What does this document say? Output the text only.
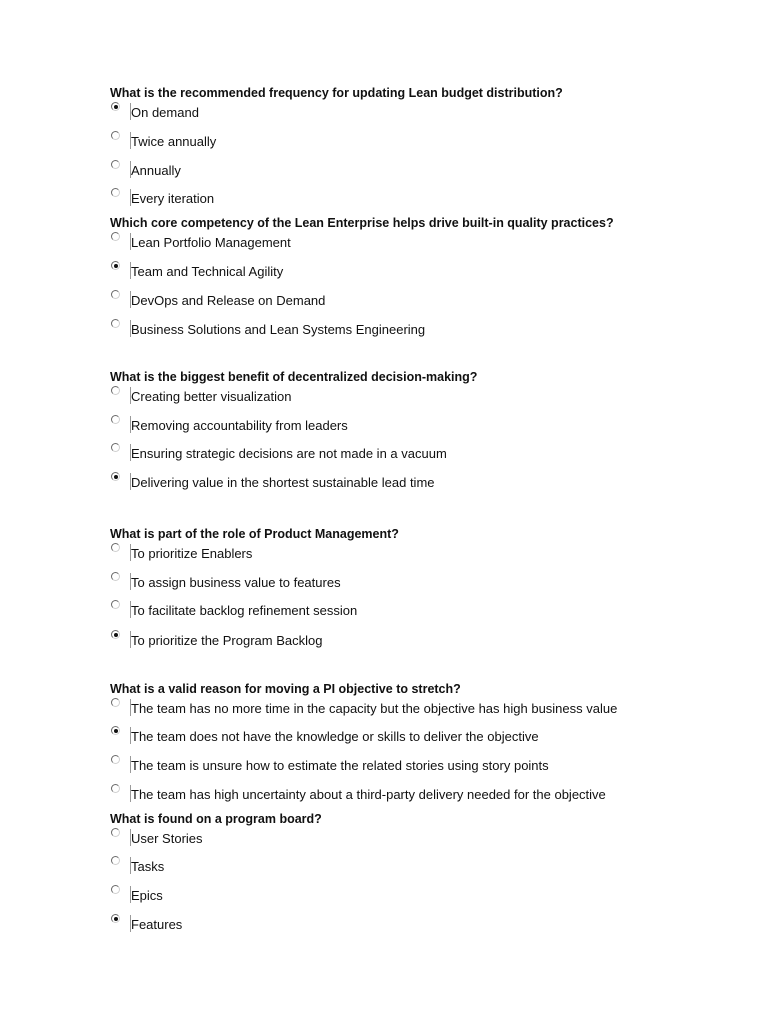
What is the recommended frequency for updating Lean budget distribution?
On demand
Twice annually
Annually
Every iteration
Which core competency of the Lean Enterprise helps drive built-in quality practices?
Lean Portfolio Management
Team and Technical Agility
DevOps and Release on Demand
Business Solutions and Lean Systems Engineering
What is the biggest benefit of decentralized decision-making?
Creating better visualization
Removing accountability from leaders
Ensuring strategic decisions are not made in a vacuum
Delivering value in the shortest sustainable lead time
What is part of the role of Product Management?
To prioritize Enablers
To assign business value to features
To facilitate backlog refinement session
To prioritize the Program Backlog
What is a valid reason for moving a PI objective to stretch?
The team has no more time in the capacity but the objective has high business value
The team does not have the knowledge or skills to deliver the objective
The team is unsure how to estimate the related stories using story points
The team has high uncertainty about a third-party delivery needed for the objective
What is found on a program board?
User Stories
Tasks
Epics
Features
